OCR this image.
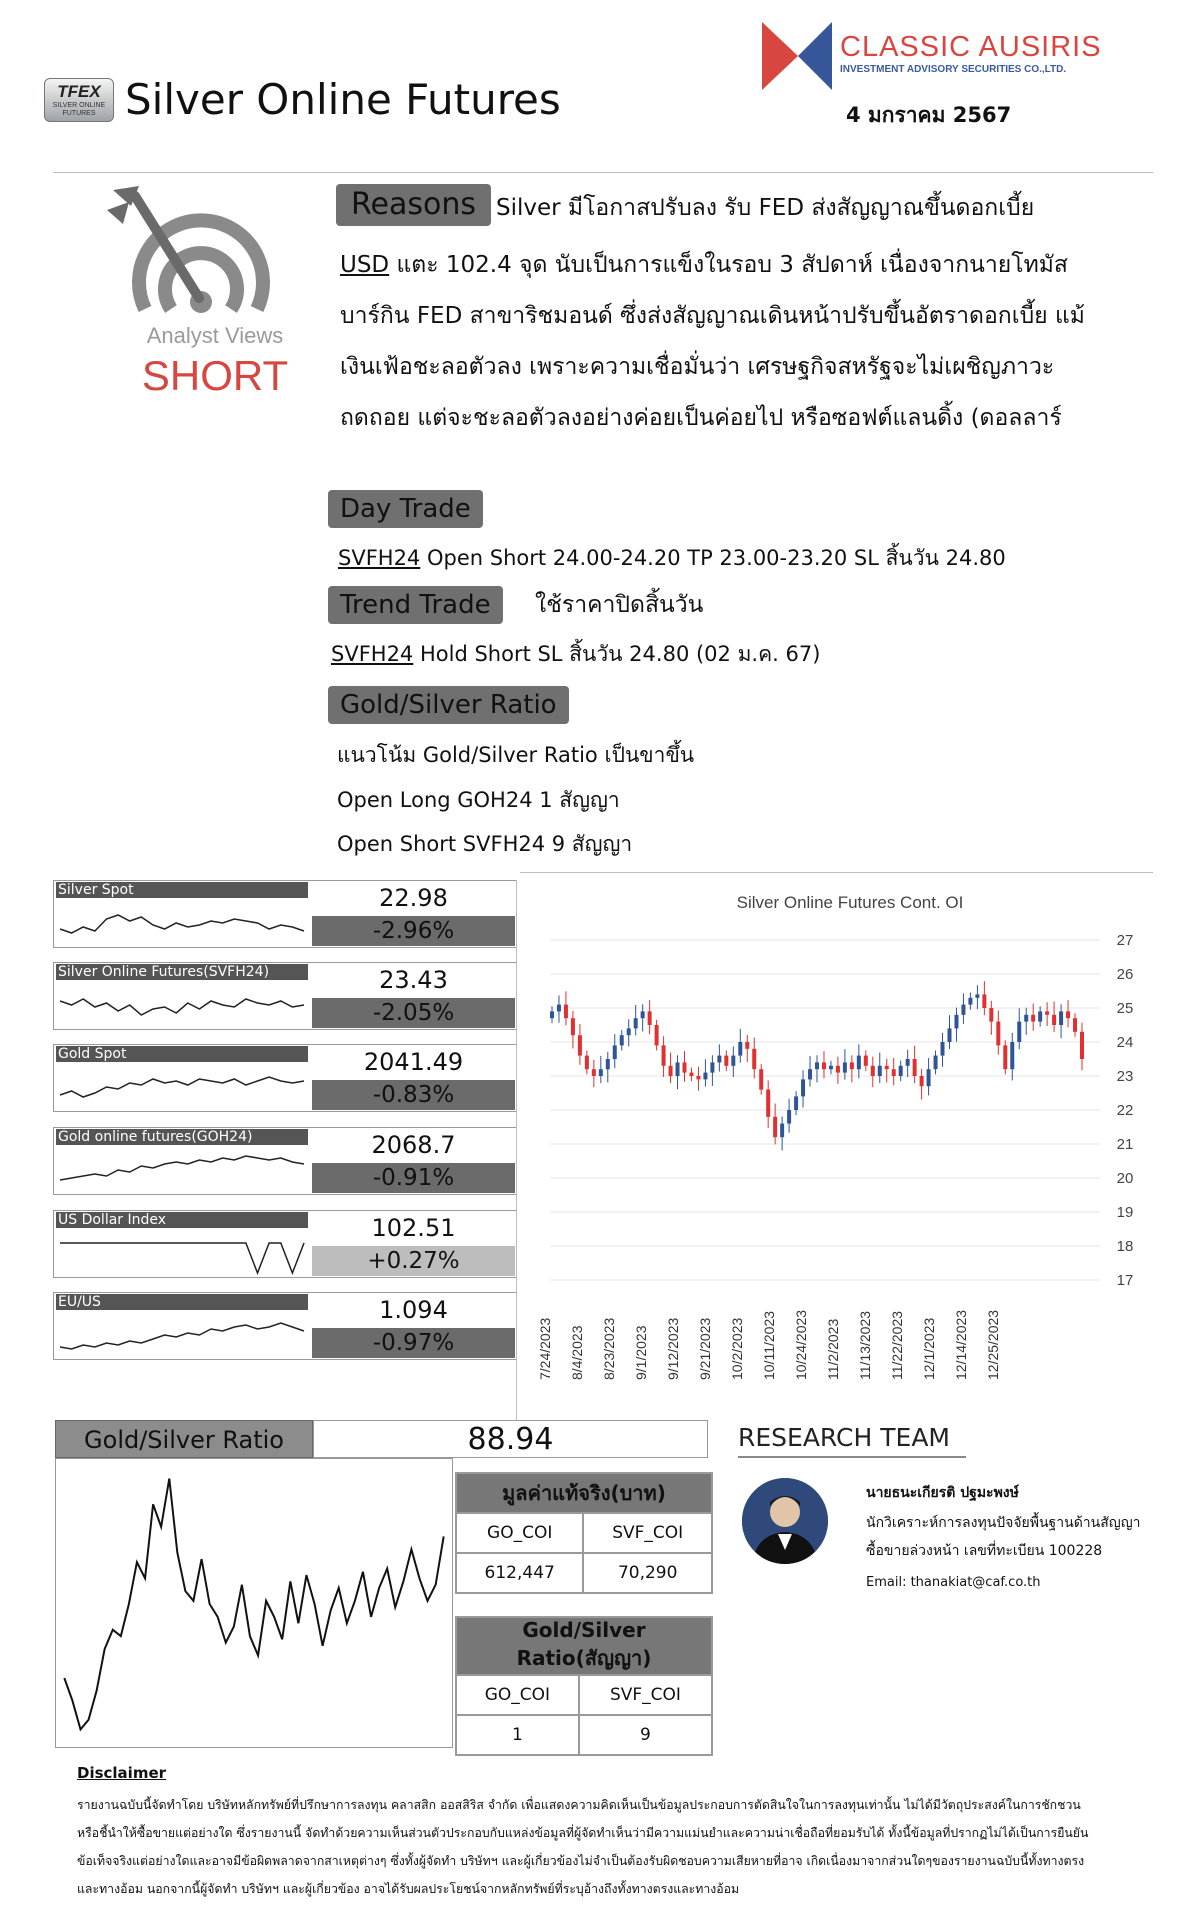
TFEX
SILVER ONLINE FUTURES Silver Online Futures
CLASSIC AUSIRIS
INVESTMENT ADVISORY SECURITIES CO.,LTD.
4 มกราคม 2567
Analyst Views
SHORT
Reasons Silver มีโอกาสปรับลง รับ FED ส่งสัญญาณขึ้นดอกเบี้ย
USD แตะ 102.4 จุด นับเป็นการแข็งในรอบ 3 สัปดาห์ เนื่องจากนายโทมัส
บาร์กิน FED สาขาริชมอนด์ ซึ่งส่งสัญญาณเดินหน้าปรับขึ้นอัตราดอกเบี้ย แม้
เงินเฟ้อชะลอตัวลง เพราะความเชื่อมั่นว่า เศรษฐกิจสหรัฐจะไม่เผชิญภาวะ
ถดถอย แต่จะชะลอตัวลงอย่างค่อยเป็นค่อยไป หรือซอฟต์แลนดิ้ง (ดอลลาร์
Day Trade
SVFH24 Open Short 24.00-24.20 TP 23.00-23.20 SL สิ้นวัน 24.80
Trend Trade	ใช้ราคาปิดสิ้นวัน
SVFH24 Hold Short SL สิ้นวัน 24.80 (02 ม.ค. 67)
Gold/Silver Ratio
แนวโน้ม Gold/Silver Ratio เป็นขาขึ้น
Open Long GOH24 1 สัญญา
Open Short SVFH24 9 สัญญา
Silver Spot	22.98
-2.96%
Silver Online Futures(SVFH24)	23.43
-2.05%
Gold Spot	2041.49
-0.83%
Gold online futures(GOH24)	2068.7
-0.91%
US Dollar Index	102.51
+0.27%
EU/US	1.094
-0.97%
Silver Online Futures Cont. OI
17
18
19
20
21
22
23
24
25
26
27
7/24/2023 8/4/2023 8/23/2023 9/1/2023 9/12/2023 9/21/2023 10/2/2023 10/11/2023 10/24/2023 11/2/2023 11/13/2023 11/22/2023 12/1/2023 12/14/2023 12/25/2023
Gold/Silver Ratio	88.94
มูลค่าแท้จริง(บาท)	
GO_COI	SVF_COI
612,447	70,290
Gold/Silver Ratio(สัญญา)	
GO_COI	SVF_COI
1	9
RESEARCH TEAM
นายธนะเกียรติ ปฐมะพงษ์
นักวิเคราะห์การลงทุนปัจจัยพื้นฐานด้านสัญญา
ซื้อขายล่วงหน้า เลขที่ทะเบียน 100228
Email: thanakiat@caf.co.th
Disclaimer
รายงานฉบับนี้จัดทำโดย บริษัทหลักทรัพย์ที่ปรึกษาการลงทุน คลาสสิก ออสสิริส จำกัด เพื่อแสดงความคิดเห็นเป็นข้อมูลประกอบการตัดสินใจในการลงทุนเท่านั้น ไม่ได้มีวัตถุประสงค์ในการชักชวน
หรือชี้นำให้ซื้อขายแต่อย่างใด ซึ่งรายงานนี้ จัดทำด้วยความเห็นส่วนตัวประกอบกับแหล่งข้อมูลที่ผู้จัดทำเห็นว่ามีความแม่นยำและความน่าเชื่อถือที่ยอมรับได้ ทั้งนี้ข้อมูลที่ปรากฏไม่ได้เป็นการยืนยัน
ข้อเท็จจริงแต่อย่างใดและอาจมีข้อผิดพลาดจากสาเหตุต่างๆ ซึ่งทั้งผู้จัดทำ บริษัทฯ และผู้เกี่ยวข้องไม่จำเป็นต้องรับผิดชอบความเสียหายที่อาจ เกิดเนื่องมาจากส่วนใดๆของรายงานฉบับนี้ทั้งทางตรง
และทางอ้อม นอกจากนี้ผู้จัดทำ บริษัทฯ และผู้เกี่ยวข้อง อาจได้รับผลประโยชน์จากหลักทรัพย์ที่ระบุอ้างถึงทั้งทางตรงและทางอ้อม
